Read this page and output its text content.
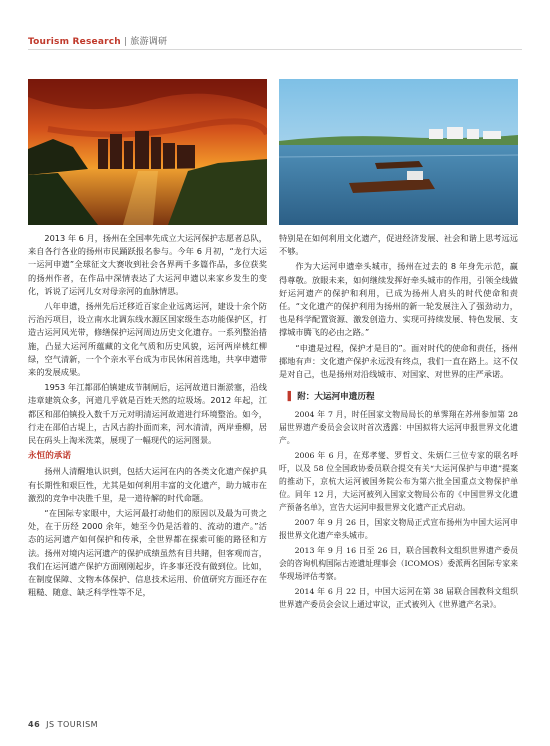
Tourism Research | 旅游调研

2013 年 6 月，扬州在全国率先成立大运河保护志愿者总队，来自各行各业的扬州市民踊跃报名参与。今年 6 月初，“龙行大运一运河申遗”全球征文大赛收到社会各界两千多篇作品，多位获奖的扬州作者，在作品中深情表达了大运河申遗以来家乡发生的变化，诉说了运河儿女对母亲河的血脉情思。

八年申遗，扬州先后迁移近百家企业远离运河，建设十余个防污治污项目，设立南水北调东线水源区国家级生态功能保护区，打造古运河风光带，修缮保护运河周边历史文化遗存。一系列整治措施，凸显大运河所蕴藏的文化气质和历史风貌，运河两岸桃红柳绿，空气清新，一个个亲水平台成为市民休闲首选地，共享申遗带来的发展成果。

1953 年江都邵伯镇建成节制闸后，运河故道日渐淤塞，沿线违章建筑众多，河道几乎就是百姓天然的垃圾场。2012 年起，江都区和邵伯镇投入数千万元对明清运河故道进行环境整治。如今，行走在邵伯古堤上，古风古韵扑面而来，河水清清，两岸垂柳，居民在码头上淘米洗菜，展现了一幅现代的运河图景。

永恒的承诺

扬州人清醒地认识到，包括大运河在内的各类文化遗产保护具有长期性和艰巨性，尤其是如何利用丰富的文化遗产，助力城市在激烈的竞争中决胜千里，是一道待解的时代命题。

“在国际专家眼中，大运河最打动他们的原因以及最为可贵之处，在于历经 2000 余年，她至今仍是活着的、流动的遗产。”活态的运河遗产如何保护和传承，全世界都在探索可能的路径和方法。扬州对境内运河遗产的保护成绩虽然有目共睹，但客观而言，我们在运河遗产保护方面刚刚起步，许多事还没有做到位。比如，在制度保障、文物本体保护、信息技术运用、价值研究方面还存在粗糙、随意、缺乏科学性等不足，

特别是在如何利用文化遗产，促进经济发展、社会和谐上思考远远不够。

作为大运河申遗牵头城市，扬州在过去的 8 年身先示范，赢得尊敬。放眼未来，如何继续发挥好牵头城市的作用，引领全线做好运河遗产的保护和利用，已成为扬州人肩头的时代使命和责任。“文化遗产的保护利用为扬州的新一轮发展注入了强劲动力，也是科学配置资源、激发创造力、实现可持续发展、特色发展、支撑城市腾飞的必由之路。”

“申遗是过程，保护才是目的”。面对时代的使命和责任，扬州掷地有声：文化遗产保护永远没有终点，我们一直在路上。这不仅是对自己，也是扬州对沿线城市、对国家、对世界的庄严承诺。

▌ 附：大运河申遗历程

2004 年 7 月，时任国家文物局局长的单霁翔在苏州参加第 28 届世界遗产委员会会议时首次透露：中国拟将大运河申报世界文化遗产。

2006 年 6 月，在郑孝燮、罗哲文、朱炳仁三位专家的联名呼吁，以及 58 位全国政协委员联合提交有关“大运河保护与申遗”提案的推动下，京杭大运河被国务院公布为第六批全国重点文物保护单位。同年 12 月，大运河被列入国家文物局公布的《中国世界文化遗产预备名单》，宣告大运河申报世界文化遗产正式启动。

2007 年 9 月 26 日，国家文物局正式宣布扬州为中国大运河申报世界文化遗产牵头城市。

2013 年 9 月 16 日至 26 日，联合国教科文组织世界遗产委员会的咨询机构国际古迹遗址理事会（ICOMOS）委派两名国际专家来华现场评估考察。

2014 年 6 月 22 日，中国大运河在第 38 届联合国教科文组织世界遗产委员会会议上通过审议，正式被列入《世界遗产名录》。

46 JS TOURISM
